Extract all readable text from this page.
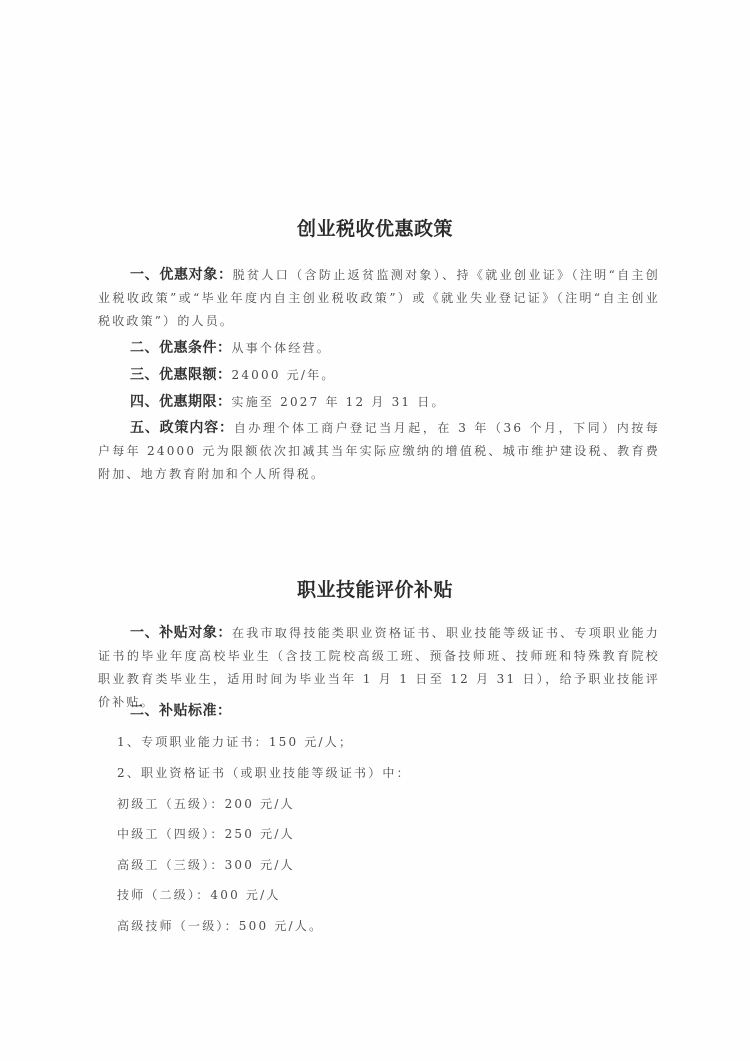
创业税收优惠政策
一、优惠对象：脱贫人口（含防止返贫监测对象）、持《就业创业证》（注明“自主创业税收政策”或“毕业年度内自主创业税收政策”）或《就业失业登记证》（注明“自主创业税收政策”）的人员。
二、优惠条件：从事个体经营。
三、优惠限额：24000 元/年。
四、优惠期限：实施至 2027 年 12 月 31 日。
五、政策内容：自办理个体工商户登记当月起，在 3 年（36 个月，下同）内按每户每年 24000 元为限额依次扣减其当年实际应缴纳的增值税、城市维护建设税、教育费附加、地方教育附加和个人所得税。
职业技能评价补贴
一、补贴对象：在我市取得技能类职业资格证书、职业技能等级证书、专项职业能力证书的毕业年度高校毕业生（含技工院校高级工班、预备技师班、技师班和特殊教育院校职业教育类毕业生，适用时间为毕业当年 1 月 1 日至 12 月 31 日），给予职业技能评价补贴。
二、补贴标准：
1、专项职业能力证书：150 元/人；
2、职业资格证书（或职业技能等级证书）中：
初级工（五级）：200 元/人
中级工（四级）：250 元/人
高级工（三级）：300 元/人
技师（二级）：400 元/人
高级技师（一级）：500 元/人。
